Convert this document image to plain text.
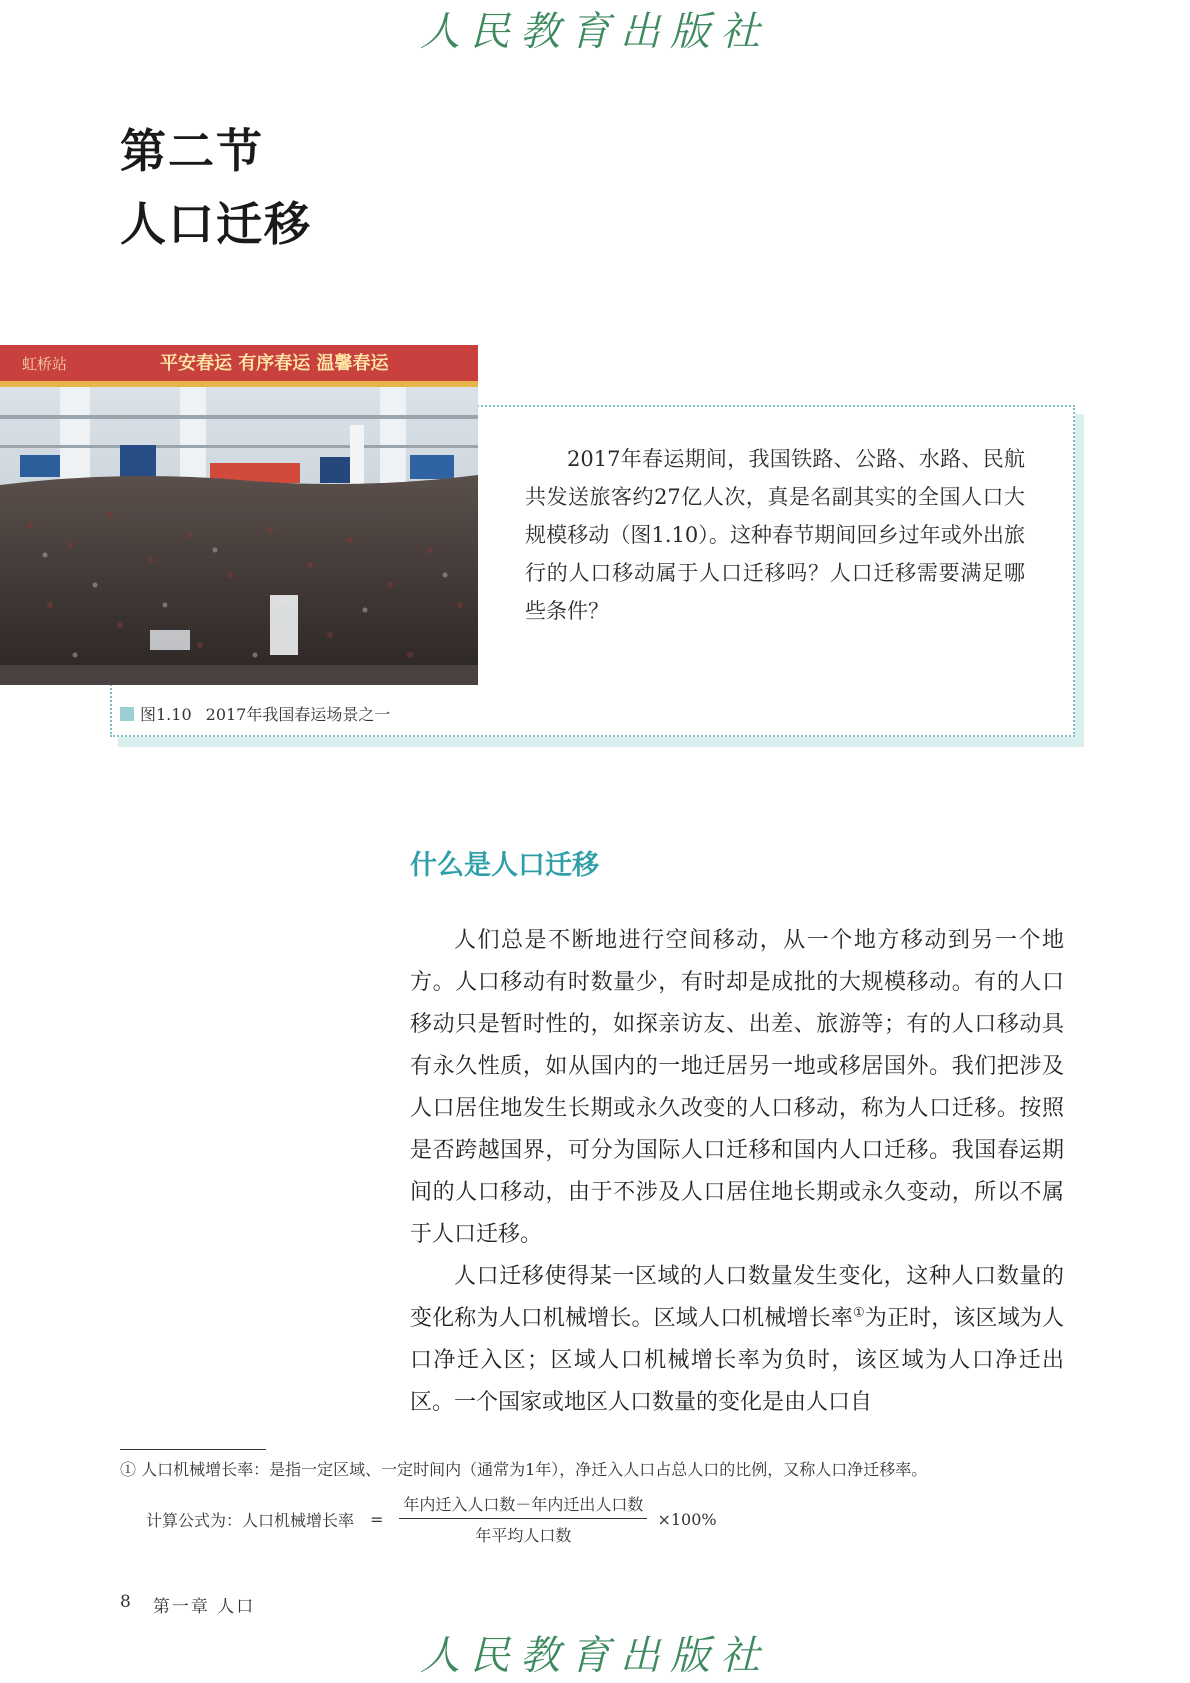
人民教育出版社
第二节
人口迁移
虹桥站	平安春运 有序春运 温馨春运

2017年春运期间，我国铁路、公路、水路、民航共发送旅客约27亿人次，真是名副其实的全国人口大规模移动（图1.10）。这种春节期间回乡过年或外出旅行的人口移动属于人口迁移吗？人口迁移需要满足哪些条件？

图1.10 2017年我国春运场景之一
什么是人口迁移

人们总是不断地进行空间移动，从一个地方移动到另一个地方。人口移动有时数量少，有时却是成批的大规模移动。有的人口移动只是暂时性的，如探亲访友、出差、旅游等；有的人口移动具有永久性质，如从国内的一地迁居另一地或移居国外。我们把涉及人口居住地发生长期或永久改变的人口移动，称为人口迁移。按照是否跨越国界，可分为国际人口迁移和国内人口迁移。我国春运期间的人口移动，由于不涉及人口居住地长期或永久变动，所以不属于人口迁移。

人口迁移使得某一区域的人口数量发生变化，这种人口数量的变化称为人口机械增长。区域人口机械增长率①为正时，该区域为人口净迁入区；区域人口机械增长率为负时，该区域为人口净迁出区。一个国家或地区人口数量的变化是由人口自

① 人口机械增长率：是指一定区域、一定时间内（通常为1年），净迁入人口占总人口的比例，又称人口净迁移率。
计算公式为：人口机械增长率 = $\frac{\text{年内迁入人口数－年内迁出人口数}}{\text{年平均人口数}} \times 100\%$
8 第一章 人口
人民教育出版社
